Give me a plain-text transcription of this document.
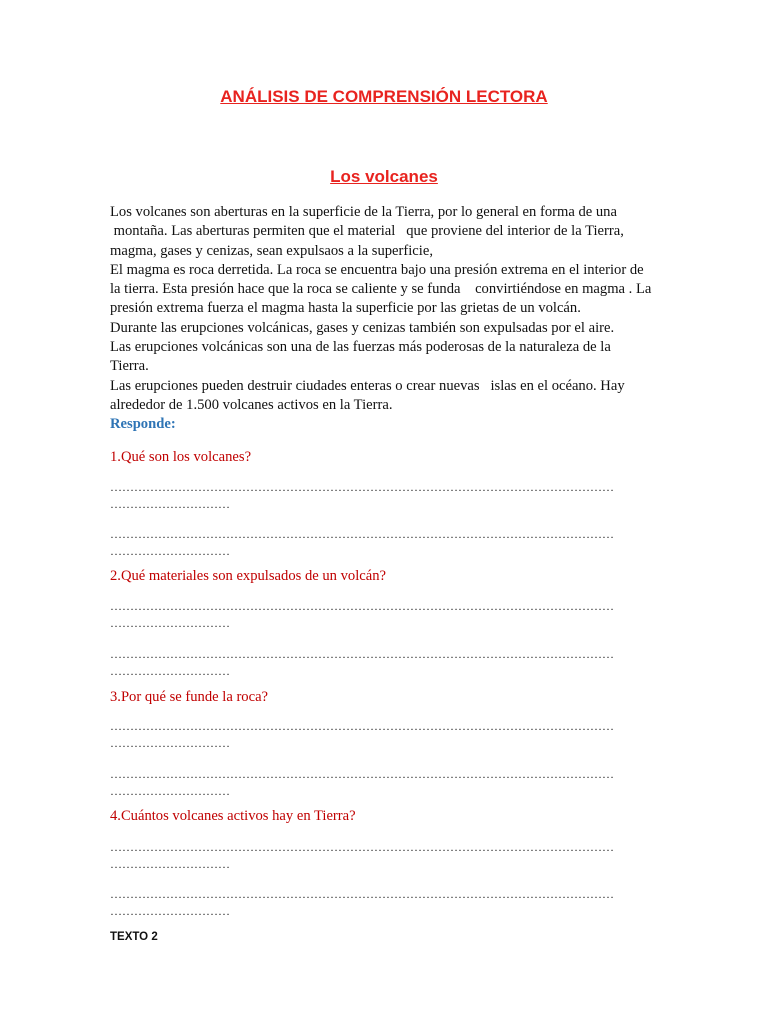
ANÁLISIS DE COMPRENSIÓN LECTORA
Los volcanes

Los volcanes son aberturas en la superficie de la Tierra, por lo general en forma de una
montaña. Las aberturas permiten que el material   que proviene del interior de la Tierra,
magma, gases y cenizas, sean expulsaos a la superficie,
El magma es roca derretida. La roca se encuentra bajo una presión extrema en el interior de
la tierra. Esta presión hace que la roca se caliente y se funda    convirtiéndose en magma . La
presión extrema fuerza el magma hasta la superficie por las grietas de un volcán.
Durante las erupciones volcánicas, gases y cenizas también son expulsadas por el aire.
Las erupciones volcánicas son una de las fuerzas más poderosas de la naturaleza de la
Tierra.
Las erupciones pueden destruir ciudades enteras o crear nuevas   islas en el océano. Hay
alrededor de 1.500 volcanes activos en la Tierra.

Responde:

1.Qué son los volcanes?

………………………………………………………………………………………………………………
…………………………
………………………………………………………………………………………………………………
…………………………

2.Qué materiales son expulsados de un volcán?

………………………………………………………………………………………………………………
…………………………
………………………………………………………………………………………………………………
…………………………

3.Por qué se funde la roca?

………………………………………………………………………………………………………………
…………………………
………………………………………………………………………………………………………………
…………………………

4.Cuántos volcanes activos hay en Tierra?

………………………………………………………………………………………………………………
…………………………
………………………………………………………………………………………………………………
…………………………

TEXTO 2
